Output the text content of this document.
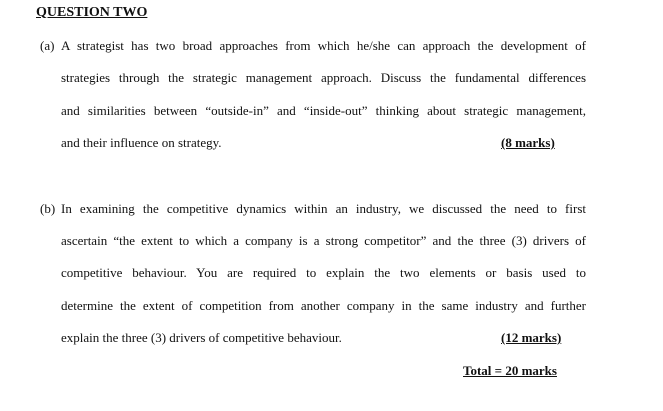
QUESTION TWO
(a) A strategist has two broad approaches from which he/she can approach the development of
strategies through the strategic management approach. Discuss the fundamental differences
and similarities between “outside-in” and “inside-out” thinking about strategic management,
and their influence on strategy.	(8 marks)
(b) In examining the competitive dynamics within an industry, we discussed the need to first
ascertain “the extent to which a company is a strong competitor” and the three (3) drivers of
competitive behaviour. You are required to explain the two elements or basis used to
determine the extent of competition from another company in the same industry and further
explain the three (3) drivers of competitive behaviour.	(12 marks)
Total = 20 marks
